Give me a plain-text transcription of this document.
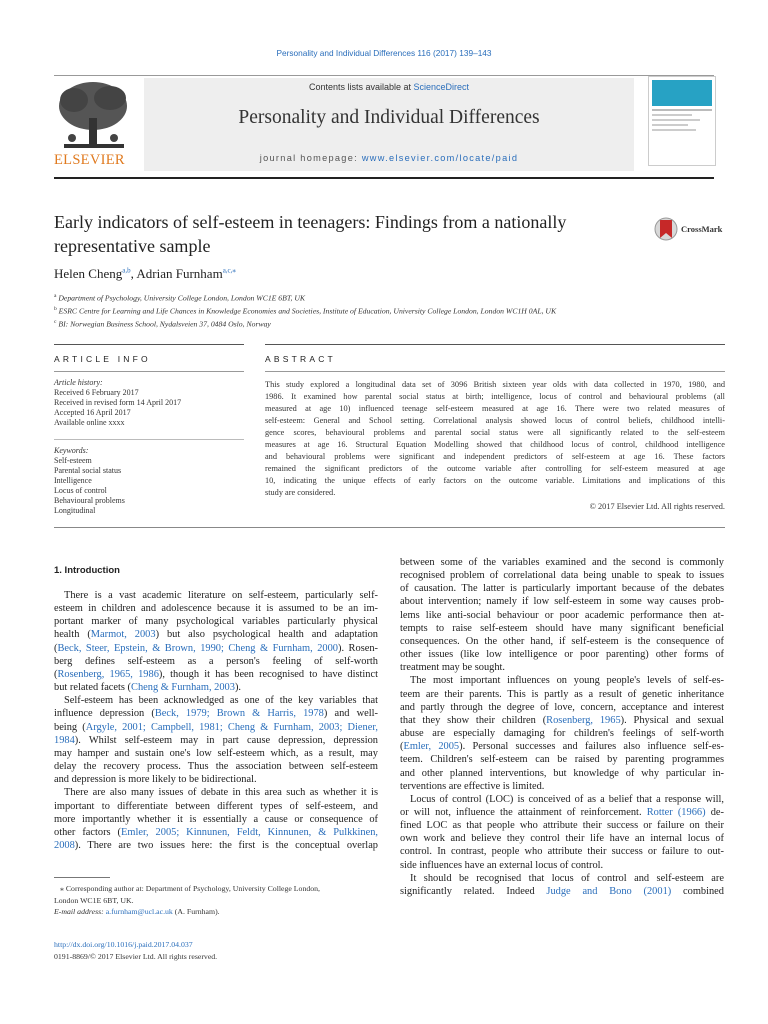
Personality and Individual Differences 116 (2017) 139–143
ELSEVIER
Contents lists available at ScienceDirect
Personality and Individual Differences
journal homepage: www.elsevier.com/locate/paid
Early indicators of self-esteem in teenagers: Findings from a nationally
representative sample
CrossMark
Helen Cheng$^{a,b}$, Adrian Furnham$^{a,c,⁎}$
$^a$ Department of Psychology, University College London, London WC1E 6BT, UK
$^b$ ESRC Centre for Learning and Life Chances in Knowledge Economies and Societies, Institute of Education, University College London, London WC1H 0AL, UK
$^c$ BI: Norwegian Business School, Nydalsveien 37, 0484 Oslo, Norway
ARTICLE INFO
Article history:
Received 6 February 2017
Received in revised form 14 April 2017
Accepted 16 April 2017
Available online xxxx
Keywords:
Self-esteem
Parental social status
Intelligence
Locus of control
Behavioural problems
Longitudinal
ABSTRACT
This study explored a longitudinal data set of 3096 British sixteen year olds with data collected in 1970, 1980, and
1986. It examined how parental social status at birth; intelligence, locus of control and behavioural problems (all
measured at age 10) influenced teenage self-esteem measured at age 16. There were two related measures of
self-esteem: General and School setting. Correlational analysis showed locus of control beliefs, childhood intelli-
gence scores, behavioural problems and parental social status were all significantly related to the self-esteem
measures at age 16. Structural Equation Modelling showed that childhood locus of control, childhood intelligence
and behavioural problems were significant and independent predictors of self-esteem at age 16. These factors
remained the significant predictors of the outcome variable after controlling for self-esteem measured at age
10, indicating the unique effects of early factors on the outcome variable. Limitations and implications of this
study are considered.
© 2017 Elsevier Ltd. All rights reserved.
1. Introduction
There is a vast academic literature on self-esteem, particularly self-
esteem in children and adolescence because it is assumed to be an im-
portant marker of many psychological variables particularly physical
health (Marmot, 2003) but also psychological health and adaptation
(Beck, Steer, Epstein, & Brown, 1990; Cheng & Furnham, 2000). Rosen-
berg defines self-esteem as a person's feeling of self-worth
(Rosenberg, 1965, 1986), though it has been recognised to have distinct
but related facets (Cheng & Furnham, 2003).
Self-esteem has been acknowledged as one of the key variables that
influence depression (Beck, 1979; Brown & Harris, 1978) and well-
being (Argyle, 2001; Campbell, 1981; Cheng & Furnham, 2003; Diener,
1984). Whilst self-esteem may in part cause depression, depression
may hamper and sustain one's low self-esteem which, as a result, may
delay the recovery process. Thus the association between self-esteem
and depression is more likely to be bidirectional.
There are also many issues of debate in this area such as whether it is
important to differentiate between different types of self-esteem, and
more importantly whether it is essentially a cause or consequence of
other factors (Emler, 2005; Kinnunen, Feldt, Kinnunen, & Pulkkinen,
2008). There are two issues here: the first is the conceptual overlap
between some of the variables examined and the second is commonly
recognised problem of correlational data being unable to speak to issues
of causation. The latter is particularly important because of the debates
about intervention; namely if low self-esteem in some way causes prob-
lems like anti-social behaviour or poor academic performance then at-
tempts to raise self-esteem should have many significant beneficial
consequences. On the other hand, if self-esteem is the consequence of
other issues (like low intelligence or poor parenting) other forms of
treatment may be sought.
The most important influences on young people's levels of self-es-
teem are their parents. This is partly as a result of genetic inheritance
and partly through the degree of love, concern, acceptance and interest
that they show their children (Rosenberg, 1965). Physical and sexual
abuse are especially damaging for children's feelings of self-worth
(Emler, 2005). Personal successes and failures also influence self-es-
teem. Children's self-esteem can be raised by parenting programmes
and other planned interventions, but knowledge of why particular in-
terventions are effective is limited.
Locus of control (LOC) is conceived of as a belief that a response will,
or will not, influence the attainment of reinforcement. Rotter (1966) de-
fined LOC as that people who attribute their success or failure on their
own work and believe they control their life have an internal locus of
control. In contrast, people who attribute their success or failure to out-
side influences have an external locus of control.
It should be recognised that locus of control and self-esteem are
significantly related. Indeed Judge and Bono (2001) combined
⁎ Corresponding author at: Department of Psychology, University College London,
London WC1E 6BT, UK.
E-mail address: a.furnham@ucl.ac.uk (A. Furnham).
http://dx.doi.org/10.1016/j.paid.2017.04.037
0191-8869/© 2017 Elsevier Ltd. All rights reserved.
